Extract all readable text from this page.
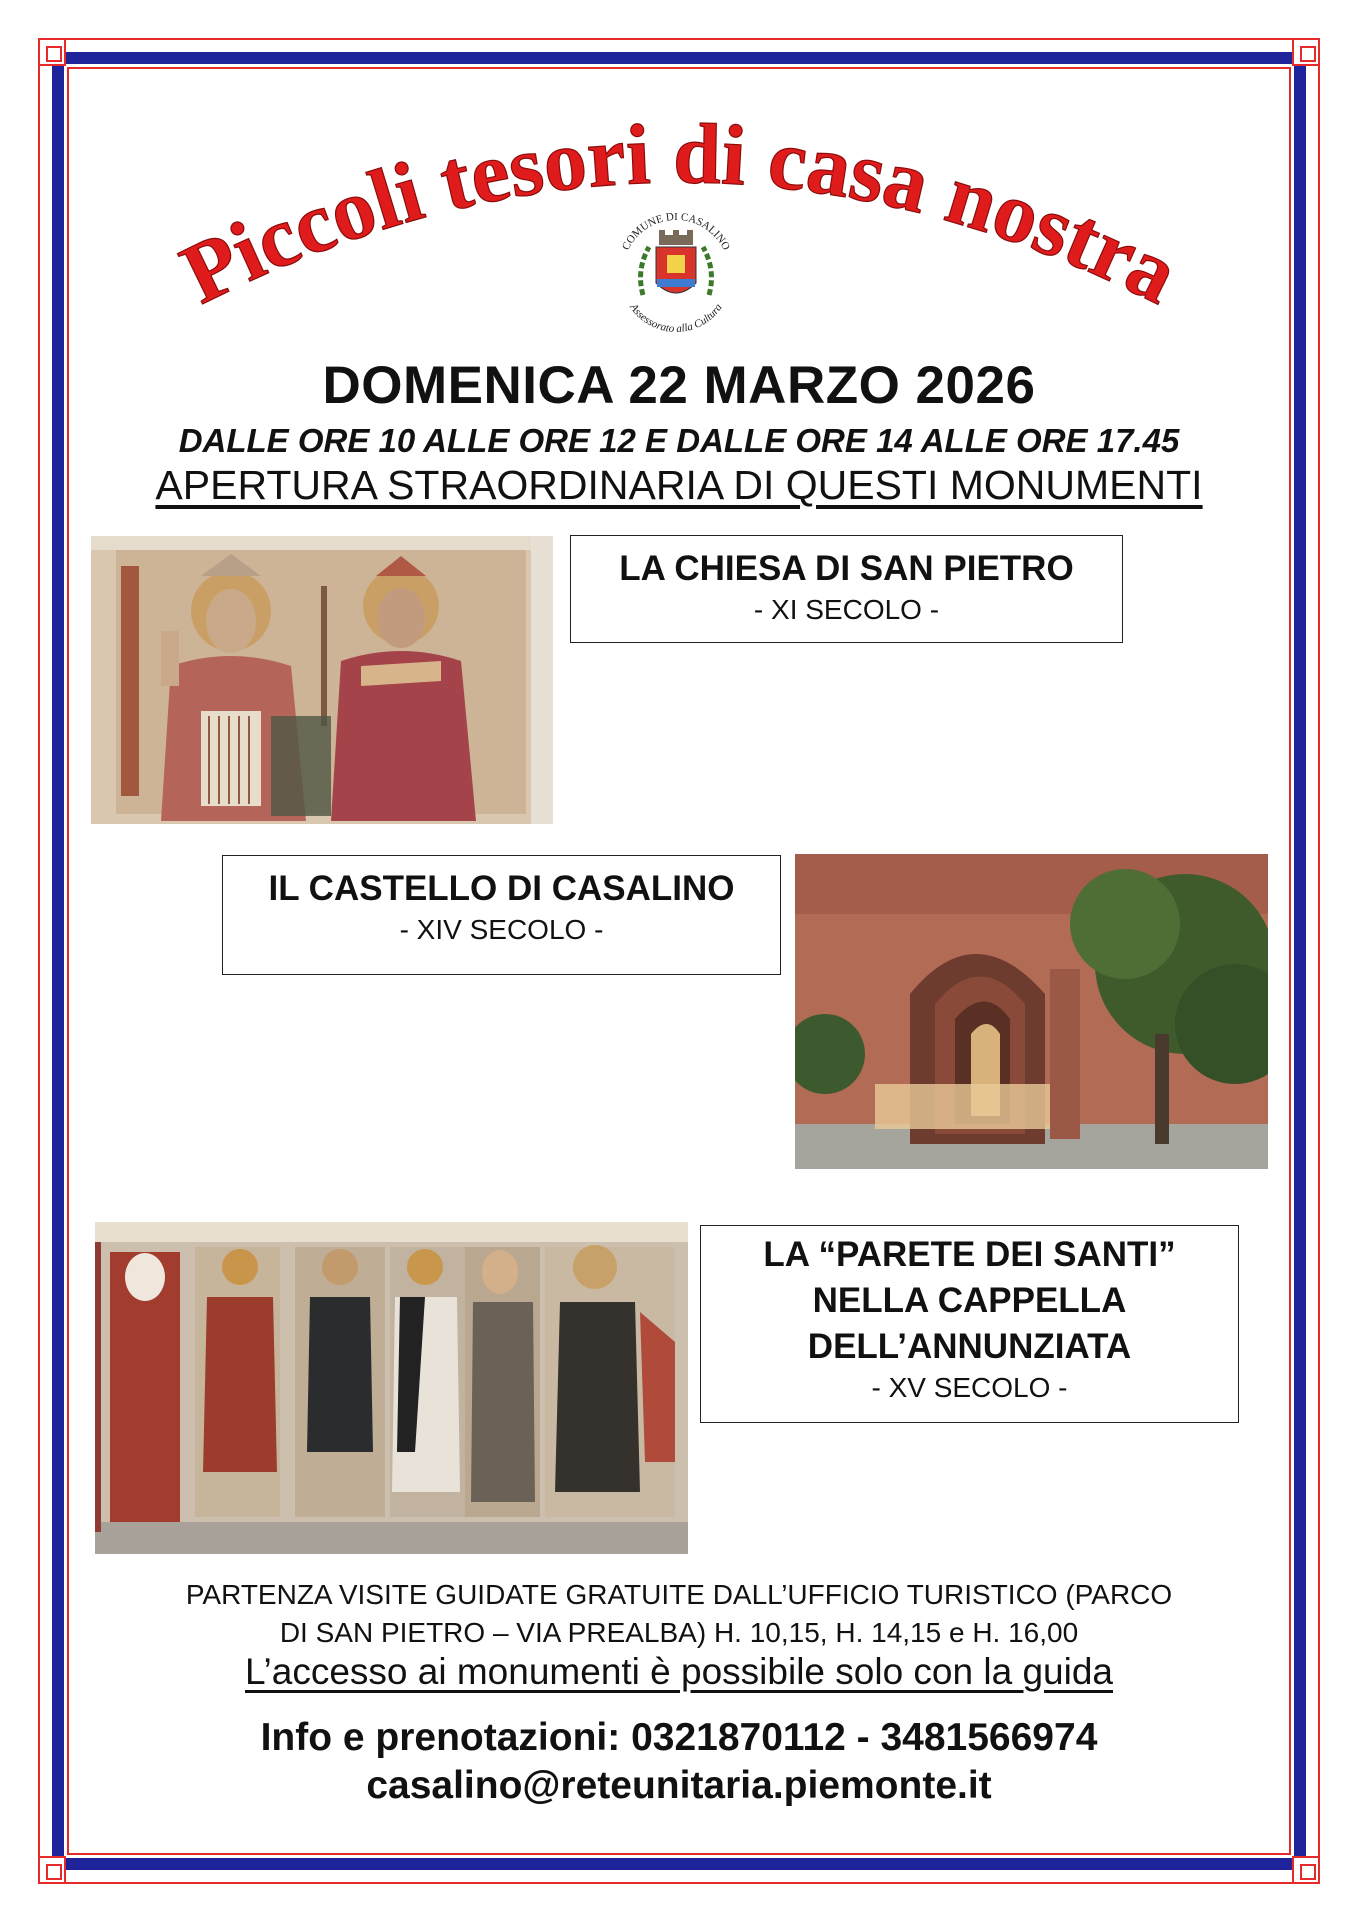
Piccoli tesori di casa nostra
COMUNE DI CASALINO
Assessorato alla Cultura
DOMENICA 22 MARZO 2026
DALLE ORE 10 ALLE ORE 12 E DALLE ORE 14 ALLE ORE 17.45
APERTURA STRAORDINARIA DI QUESTI MONUMENTI
LA CHIESA DI SAN PIETRO
- XI SECOLO -
IL CASTELLO DI CASALINO
- XIV SECOLO -
LA “PARETE DEI SANTI”
NELLA CAPPELLA
DELL’ANNUNZIATA
- XV SECOLO -
PARTENZA VISITE GUIDATE GRATUITE DALL’UFFICIO TURISTICO (PARCO
DI SAN PIETRO – VIA PREALBA) H. 10,15, H. 14,15 e H. 16,00
L’accesso ai monumenti è possibile solo con la guida
Info e prenotazioni: 0321870112 - 3481566974
casalino@reteunitaria.piemonte.it
